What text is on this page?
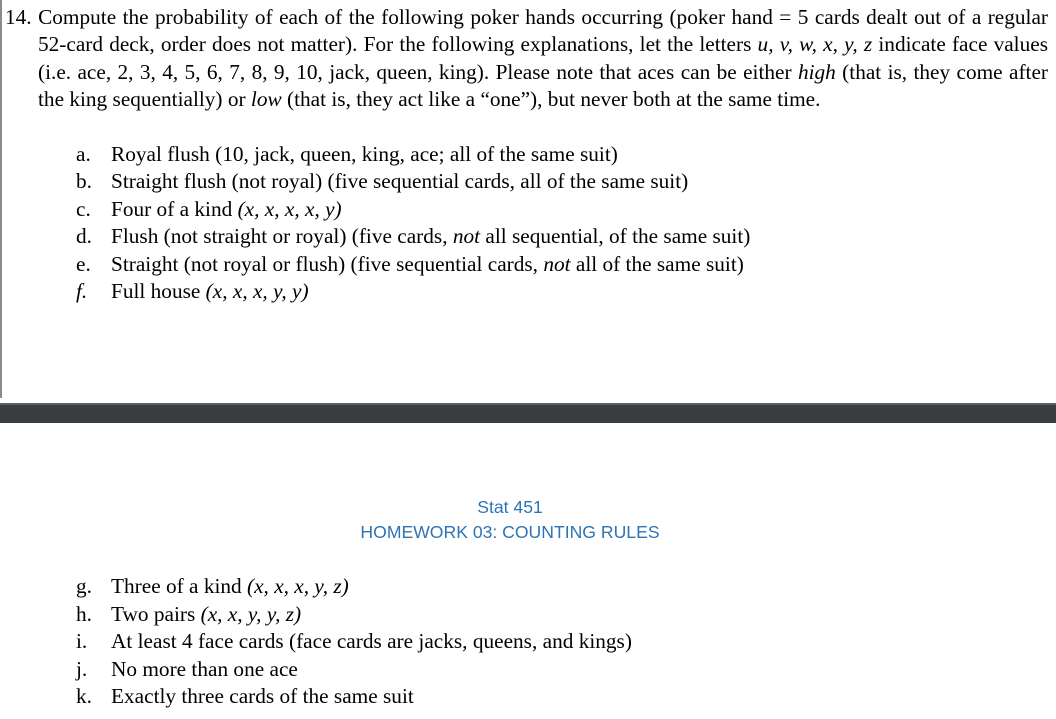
14. Compute the probability of each of the following poker hands occurring (poker hand = 5 cards dealt out of a regular 52-card deck, order does not matter). For the following explanations, let the letters u, v, w, x, y, z indicate face values (i.e. ace, 2, 3, 4, 5, 6, 7, 8, 9, 10, jack, queen, king). Please note that aces can be either high (that is, they come after the king sequentially) or low (that is, they act like a “one”), but never both at the same time.

a. Royal flush (10, jack, queen, king, ace; all of the same suit)
b. Straight flush (not royal) (five sequential cards, all of the same suit)
c. Four of a kind (x, x, x, x, y)
d. Flush (not straight or royal) (five cards, not all sequential, of the same suit)
e. Straight (not royal or flush) (five sequential cards, not all of the same suit)
f. Full house (x, x, x, y, y)
Stat 451
HOMEWORK 03: COUNTING RULES
g. Three of a kind (x, x, x, y, z)
h. Two pairs (x, x, y, y, z)
i. At least 4 face cards (face cards are jacks, queens, and kings)
j. No more than one ace
k. Exactly three cards of the same suit
